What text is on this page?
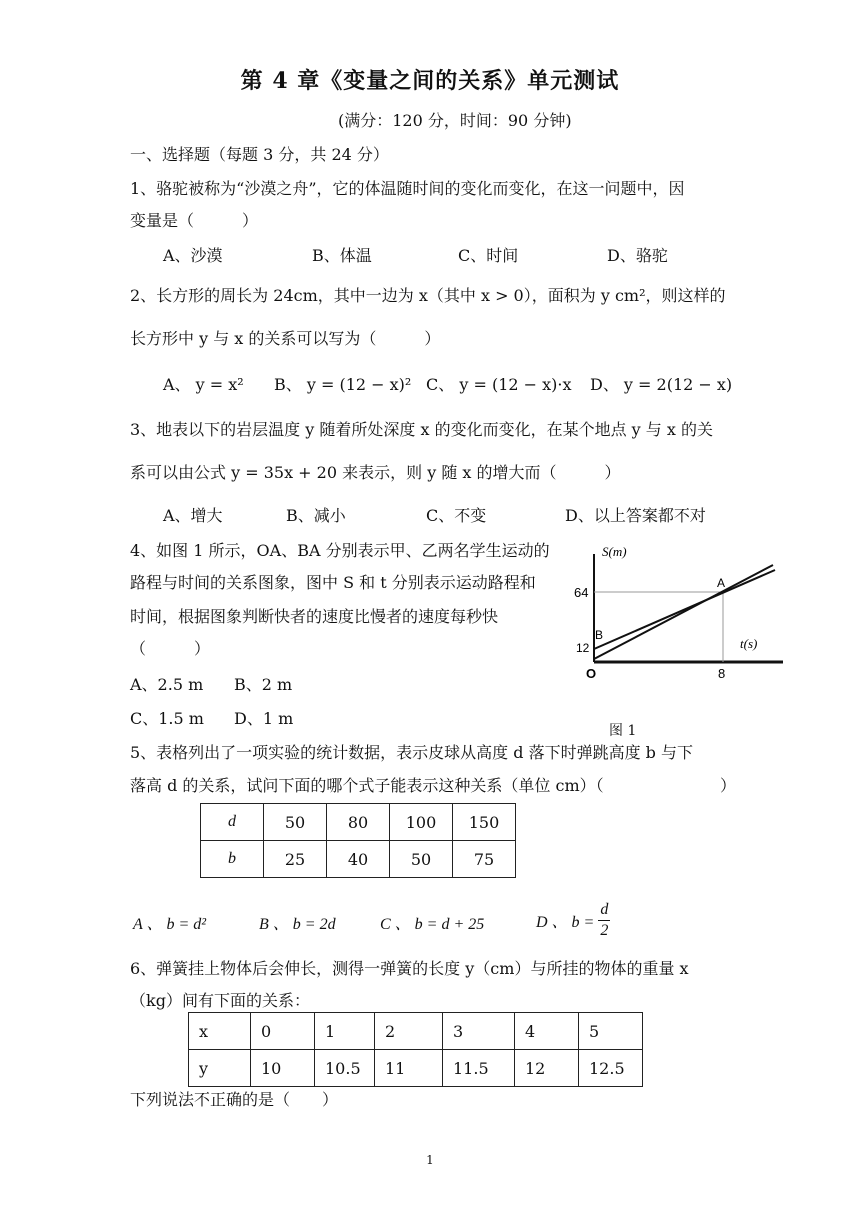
第 4 章《变量之间的关系》单元测试
(满分：120 分，时间：90 分钟)
一、选择题（每题 3 分，共 24 分）
1、骆驼被称为“沙漠之舟”，它的体温随时间的变化而变化，在这一问题中，因
变量是（　　　）
A、沙漠	B、体温	C、时间	D、骆驼
2、长方形的周长为 24cm，其中一边为 x（其中 x > 0），面积为 y cm²，则这样的
长方形中 y 与 x 的关系可以写为（　　　）
A、 y = x² B、 y = (12 − x)² C、 y = (12 − x)·x D、 y = 2(12 − x)
3、地表以下的岩层温度 y 随着所处深度 x 的变化而变化，在某个地点 y 与 x 的关
系可以由公式 y = 35x + 20 来表示，则 y 随 x 的增大而（　　　）
A、增大	B、减小	C、不变	D、以上答案都不对
4、如图 1 所示，OA、BA 分别表示甲、乙两名学生运动的
路程与时间的关系图象，图中 S 和 t 分别表示运动路程和
时间，根据图象判断快者的速度比慢者的速度每秒快
（　　　）
A、2.5 m B、2 m
C、1.5 m D、1 m
S(m)
t(s)
64
12
8
O
A
B
图 1
5、表格列出了一项实验的统计数据，表示皮球从高度 d 落下时弹跳高度 b 与下
落高 d 的关系，试问下面的哪个式子能表示这种关系（单位 cm）（	）
d	50	80	100	150
b	25	40	50	75
A 、 b = d²	B 、 b = 2d	C 、 b = d + 25	D 、 $b = \frac{d}{2}$
6、弹簧挂上物体后会伸长，测得一弹簧的长度 y（cm）与所挂的物体的重量 x
（kg）间有下面的关系：
x	0	1	2	3	4	5
y	10	10.5	11	11.5	12	12.5
下列说法不正确的是（　　）
1
